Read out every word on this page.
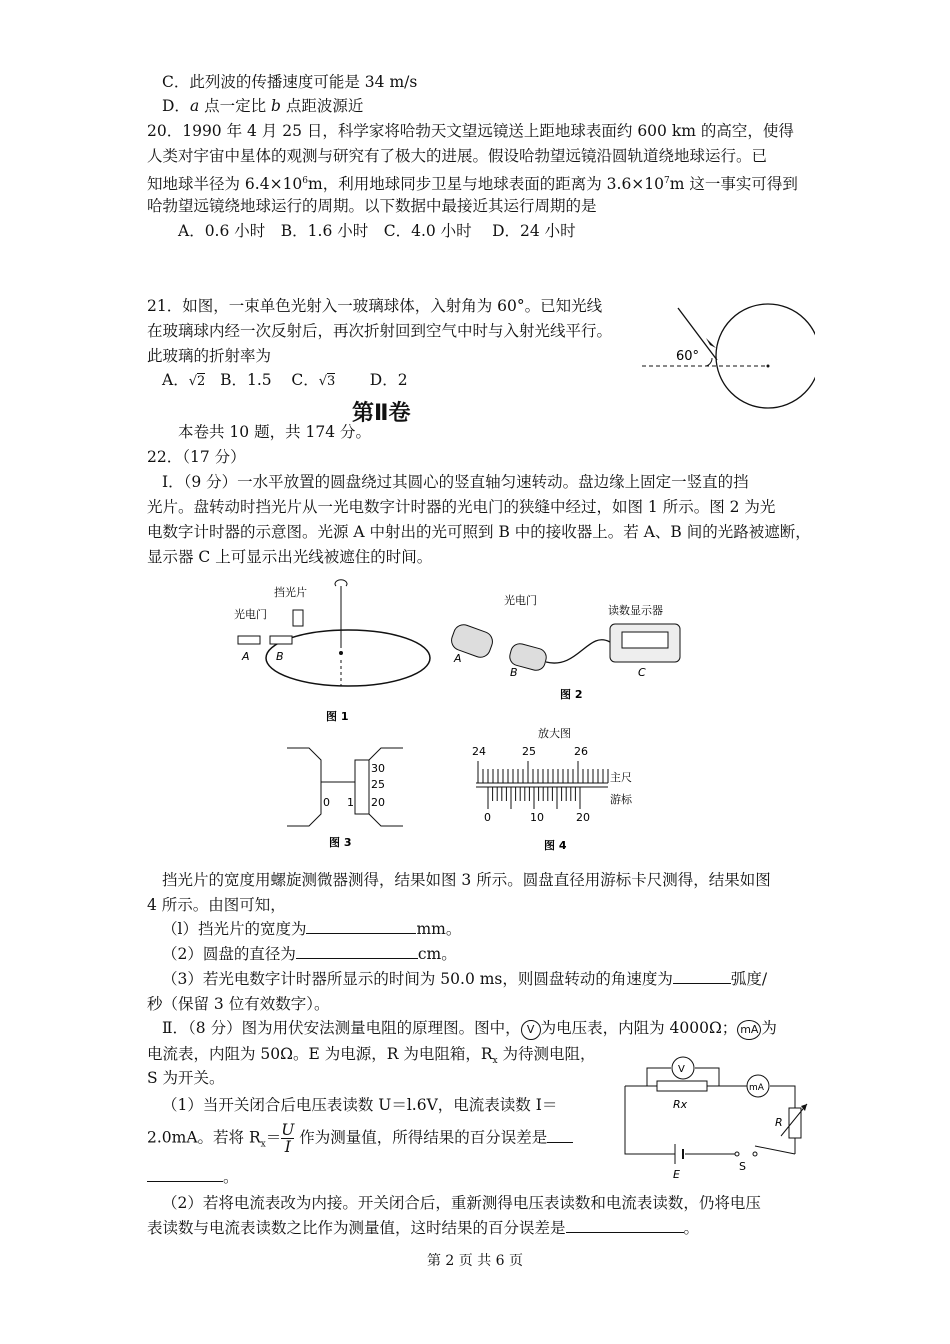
C．此列波的传播速度可能是 34 m/s
D．a 点一定比 b 点距波源近
20．1990 年 4 月 25 日，科学家将哈勃天文望远镜送上距地球表面约 600 km 的高空，使得
人类对宇宙中星体的观测与研究有了极大的进展。假设哈勃望远镜沿圆轨道绕地球运行。已
知地球半径为 $6.4\times 10^6m$，利用地球同步卫星与地球表面的距离为 $3.6\times 10^7m$ 这一事实可得到
哈勃望远镜绕地球运行的周期。以下数据中最接近其运行周期的是
A．0.6 小时　B．1.6 小时　C．4.0 小时　 D．24 小时
21．如图，一束单色光射入一玻璃球体，入射角为 60°。已知光线
在玻璃球内经一次反射后，再次折射回到空气中时与入射光线平行。
此玻璃的折射率为
A．√2 B．1.5 C．√3 D．2
60°
第Ⅱ卷
本卷共 10 题，共 174 分。
22．（17 分）
Ⅰ．（9 分）一水平放置的圆盘绕过其圆心的竖直轴匀速转动。盘边缘上固定一竖直的挡
光片。盘转动时挡光片从一光电数字计时器的光电门的狭缝中经过，如图 1 所示。图 2 为光
电数字计时器的示意图。光源 A 中射出的光可照到 B 中的接收器上。若 A、B 间的光路被遮断，
显示器 C 上可显示出光线被遮住的时间。
挡光片
光电门
A B
图 1
光电门
读数显示器
A
B	C
图 2
30
25
20
0 1
图 3
放大图
24	25	26
主尺
游标
0	10	20
图 4
挡光片的宽度用螺旋测微器测得，结果如图 3 所示。圆盘直径用游标卡尺测得，结果如图
4 所示。由图可知，
（l）挡光片的宽度为	mm。
（2）圆盘的直径为	cm。
（3）若光电数字计时器所显示的时间为 50.0 ms，则圆盘转动的角速度为	弧度/
秒（保留 3 位有效数字）。
Ⅱ．（8 分）图为用伏安法测量电阻的原理图。图中， V 为电压表，内阻为 4000Ω； mA 为
电流表，内阻为 50Ω。E 为电源，R 为电阻箱，$R_x$ 为待测电阻，
S 为开关。
（1）当开关闭合后电压表读数 U＝l.6V，电流表读数 I＝
2.0mA。若将 $R_x= \frac{U}{I}$ 作为测量值，所得结果的百分误差是
。
（2）若将电流表改为内接。开关闭合后，重新测得电压表读数和电流表读数，仍将电压
表读数与电流表读数之比作为测量值，这时结果的百分误差是	。
V
mA
Rx
R
E
S
第 2 页 共 6 页
